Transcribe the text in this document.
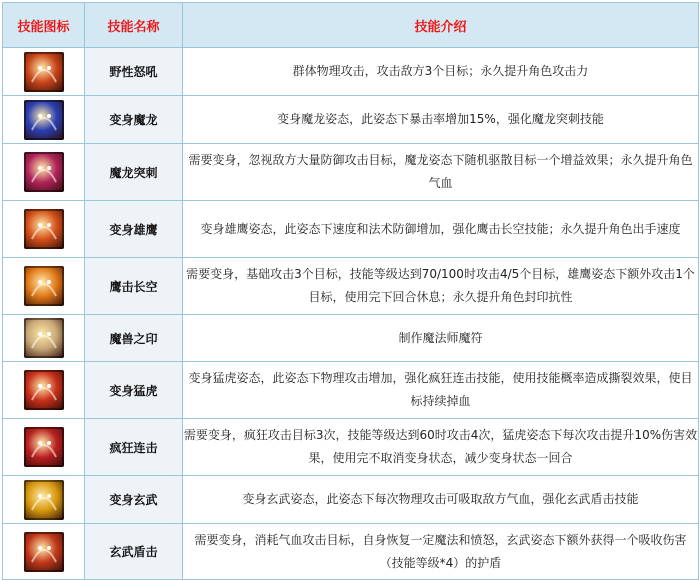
技能图标	技能名称	技能介绍

	野性怒吼	群体物理攻击，攻击敌方3个目标；永久提升角色攻击力

	变身魔龙	变身魔龙姿态，此姿态下暴击率增加15%，强化魔龙突刺技能

	魔龙突刺	需要变身，忽视敌方大量防御攻击目标，魔龙姿态下随机驱散目标一个增益效果；永久提升角色气血

	变身雄鹰	变身雄鹰姿态，此姿态下速度和法术防御增加，强化鹰击长空技能；永久提升角色出手速度

	鹰击长空	需要变身，基础攻击3个目标，技能等级达到70/100时攻击4/5个目标，雄鹰姿态下额外攻击1个目标，使用完下回合休息；永久提升角色封印抗性

	魔兽之印	制作魔法师魔符

	变身猛虎	变身猛虎姿态，此姿态下物理攻击增加，强化疯狂连击技能，使用技能概率造成撕裂效果，使目标持续掉血

	疯狂连击	需要变身，疯狂攻击目标3次，技能等级达到60时攻击4次，猛虎姿态下每次攻击提升10%伤害效果，使用完不取消变身状态，减少变身状态一回合

	变身玄武	变身玄武姿态，此姿态下每次物理攻击可吸取敌方气血，强化玄武盾击技能

	玄武盾击	需要变身，消耗气血攻击目标，自身恢复一定魔法和愤怒，玄武姿态下额外获得一个吸收伤害（技能等级*4）的护盾
